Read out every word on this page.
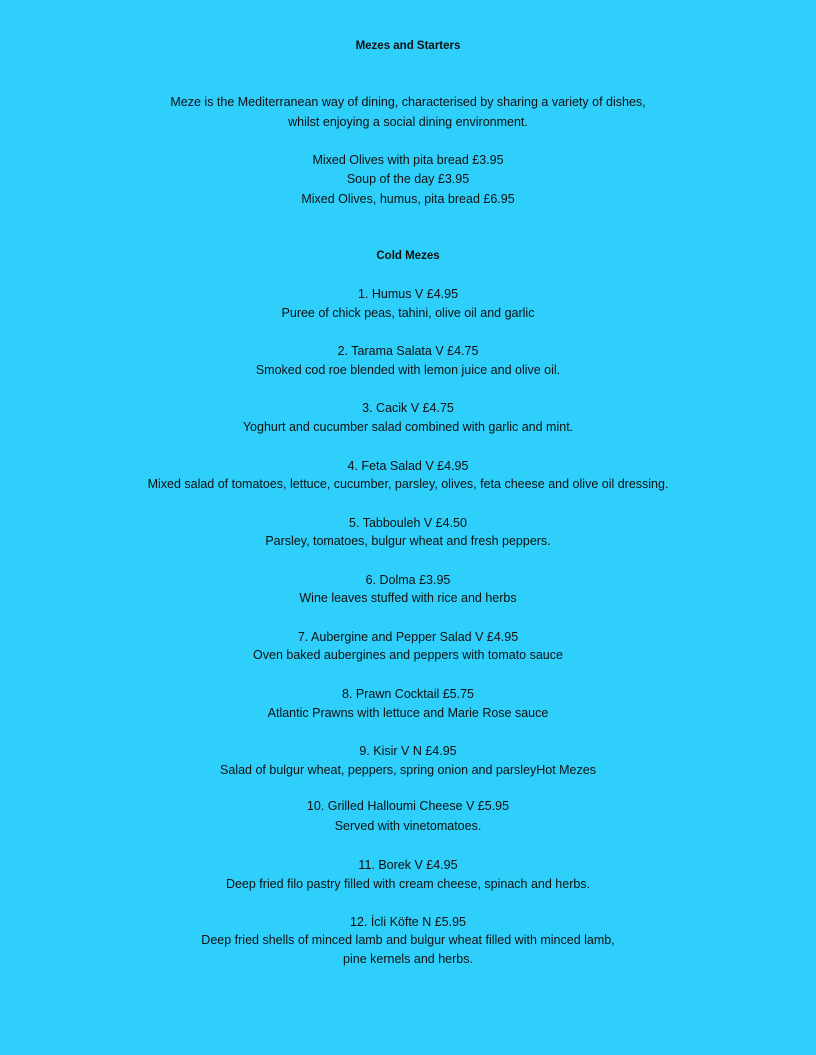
Mezes and Starters
Meze is the Mediterranean way of dining, characterised by sharing a variety of dishes,
whilst enjoying a social dining environment.
Mixed Olives with pita bread £3.95
Soup of the day £3.95
Mixed Olives, humus, pita bread £6.95
Cold Mezes
1. Humus V £4.95
Puree of chick peas, tahini, olive oil and garlic
2. Tarama Salata V £4.75
Smoked cod roe blended with lemon juice and olive oil.
3. Cacik V £4.75
Yoghurt and cucumber salad combined with garlic and mint.
4. Feta Salad V £4.95
Mixed salad of tomatoes, lettuce, cucumber, parsley, olives, feta cheese and olive oil dressing.
5. Tabbouleh V £4.50
Parsley, tomatoes, bulgur wheat and fresh peppers.
6. Dolma £3.95
Wine leaves stuffed with rice and herbs
7. Aubergine and Pepper Salad V £4.95
Oven baked aubergines and peppers with tomato sauce
8. Prawn Cocktail £5.75
Atlantic Prawns with lettuce and Marie Rose sauce
9. Kisir V N £4.95
Salad of bulgur wheat, peppers, spring onion and parsleyHot Mezes
10. Grilled Halloumi Cheese V £5.95
Served with vinetomatoes.
11. Borek V £4.95
Deep fried filo pastry filled with cream cheese, spinach and herbs.
12. İcli Köfte N £5.95
Deep fried shells of minced lamb and bulgur wheat filled with minced lamb,
pine kernels and herbs.
